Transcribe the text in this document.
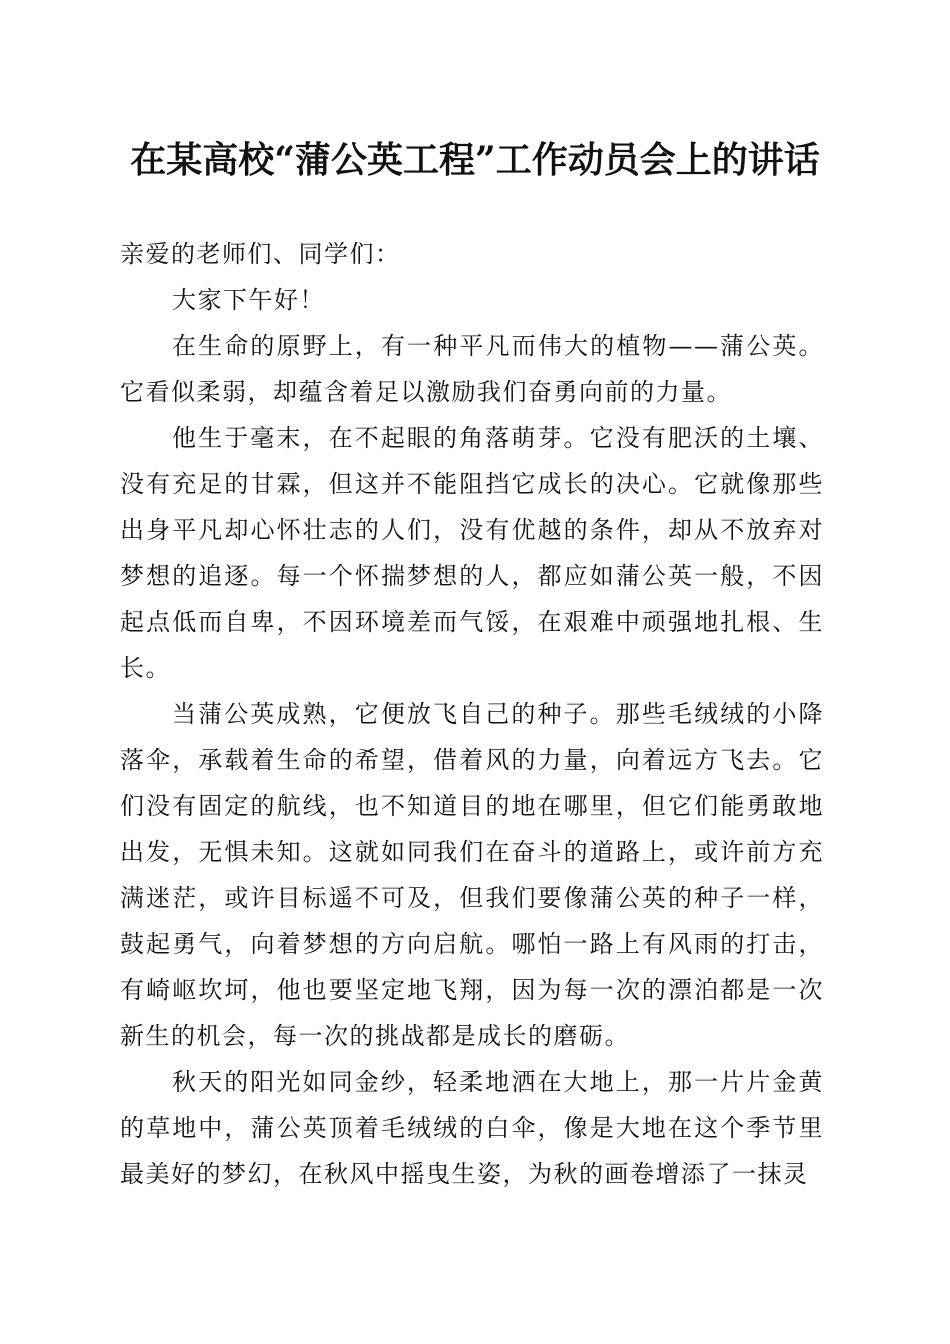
在某高校“蒲公英工程”工作动员会上的讲话

亲爱的老师们、同学们：

大家下午好！

在生命的原野上，有一种平凡而伟大的植物——蒲公英。它看似柔弱，却蕴含着足以激励我们奋勇向前的力量。

他生于毫末，在不起眼的角落萌芽。它没有肥沃的土壤、没有充足的甘霖，但这并不能阻挡它成长的决心。它就像那些出身平凡却心怀壮志的人们，没有优越的条件，却从不放弃对梦想的追逐。每一个怀揣梦想的人，都应如蒲公英一般，不因起点低而自卑，不因环境差而气馁，在艰难中顽强地扎根、生长。

当蒲公英成熟，它便放飞自己的种子。那些毛绒绒的小降落伞，承载着生命的希望，借着风的力量，向着远方飞去。它们没有固定的航线，也不知道目的地在哪里，但它们能勇敢地出发，无惧未知。这就如同我们在奋斗的道路上，或许前方充满迷茫，或许目标遥不可及，但我们要像蒲公英的种子一样，鼓起勇气，向着梦想的方向启航。哪怕一路上有风雨的打击，有崎岖坎坷，他也要坚定地飞翔，因为每一次的漂泊都是一次新生的机会，每一次的挑战都是成长的磨砺。

秋天的阳光如同金纱，轻柔地洒在大地上，那一片片金黄的草地中，蒲公英顶着毛绒绒的白伞，像是大地在这个季节里最美好的梦幻，在秋风中摇曳生姿，为秋的画卷增添了一抹灵
